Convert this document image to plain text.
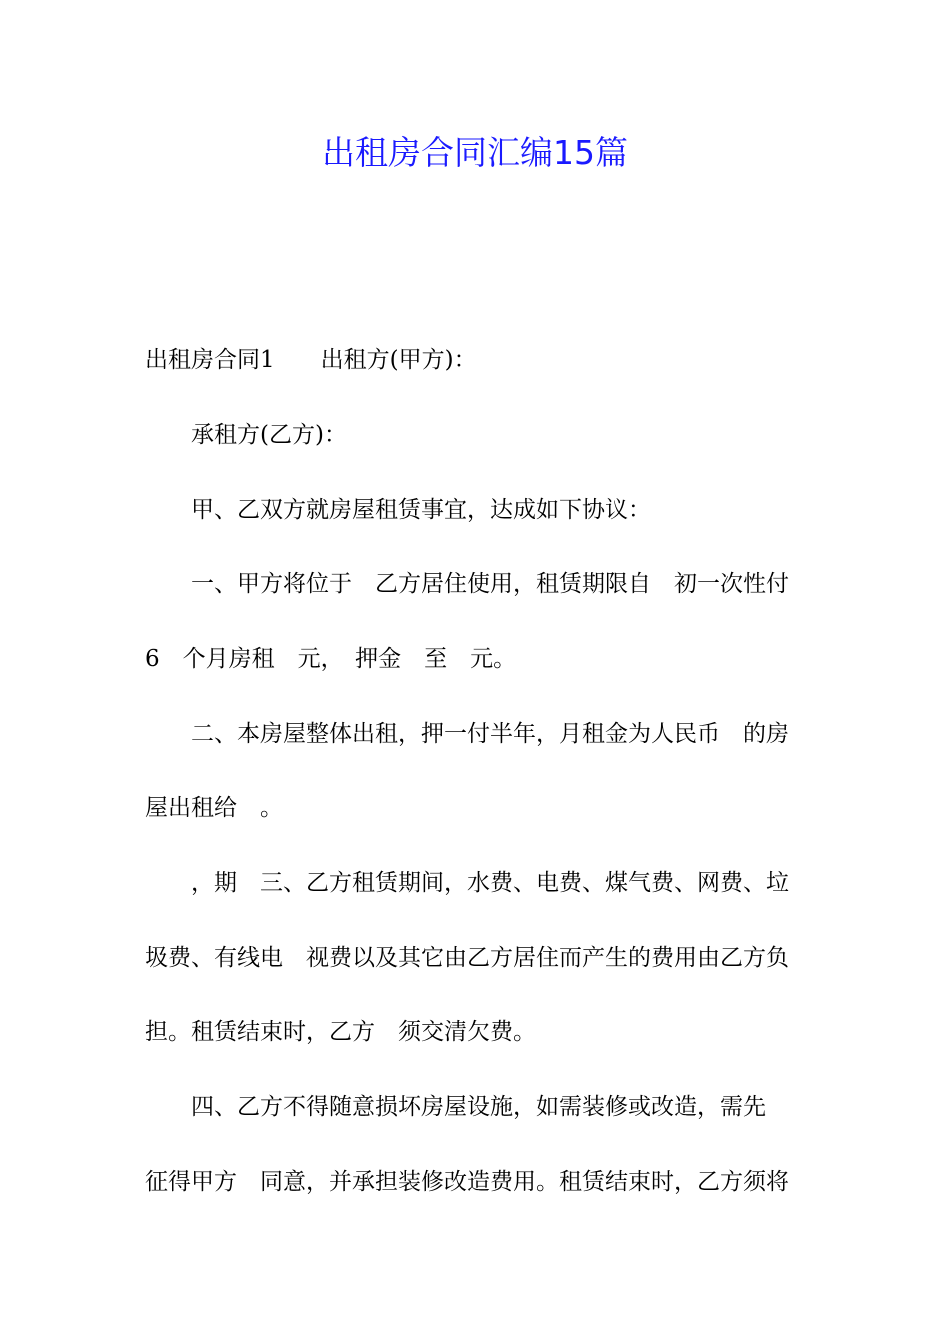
出租房合同汇编15篇

出租房合同1　　出租方(甲方)：

　　承租方(乙方)：

　　甲、乙双方就房屋租赁事宜，达成如下协议：

　　一、甲方将位于　乙方居住使用，租赁期限自　初一次性付

6　个月房租　元，　押金　至　元。

　　二、本房屋整体出租，押一付半年，月租金为人民币　的房

屋出租给　。

　　，期　三、乙方租赁期间，水费、电费、煤气费、网费、垃

圾费、有线电　视费以及其它由乙方居住而产生的费用由乙方负

担。租赁结束时，乙方　须交清欠费。

　　四、乙方不得随意损坏房屋设施，如需装修或改造，需先

征得甲方　同意，并承担装修改造费用。租赁结束时，乙方须将
